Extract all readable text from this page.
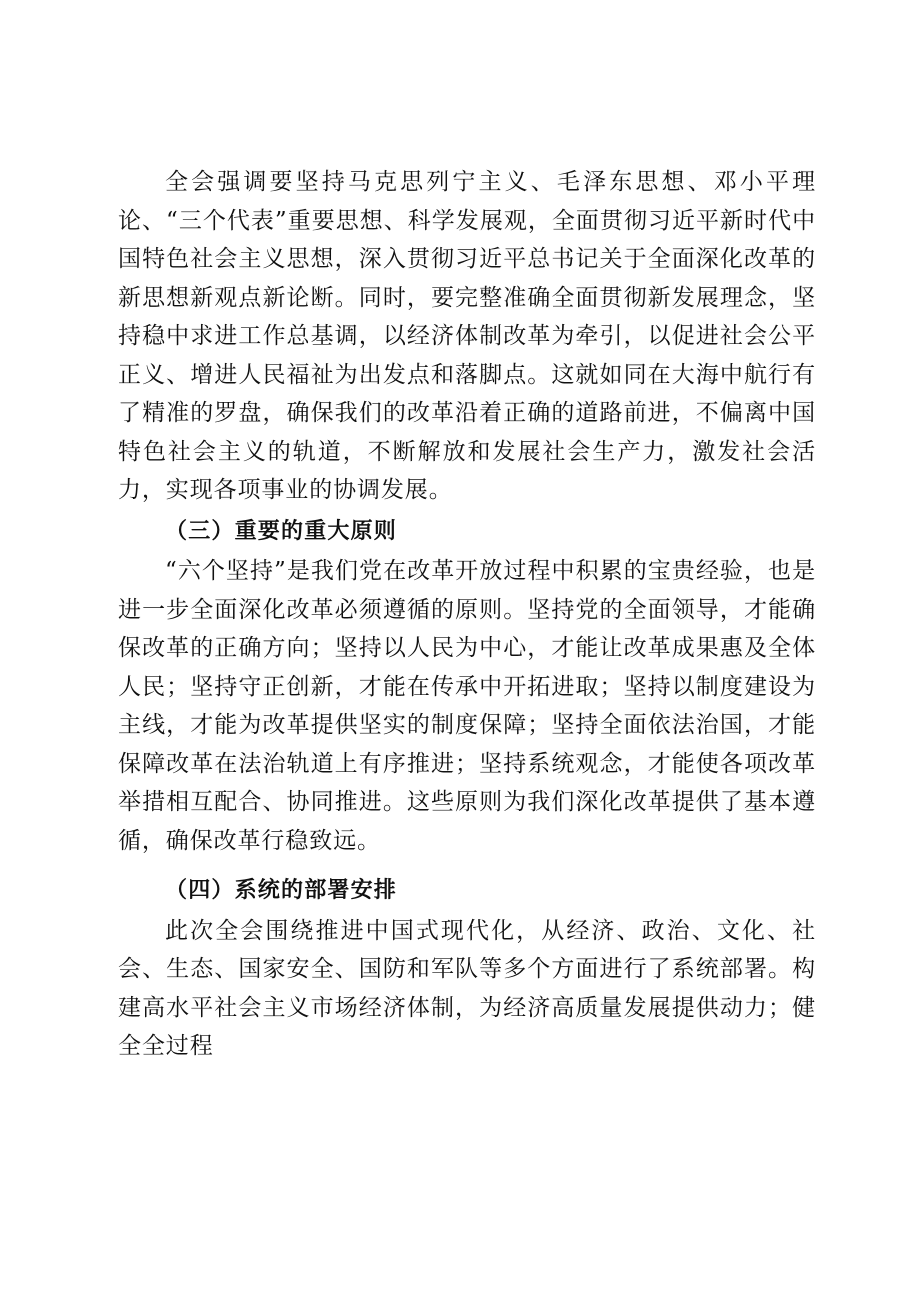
全会强调要坚持马克思列宁主义、毛泽东思想、邓小平理论、“三个代表”重要思想、科学发展观，全面贯彻习近平新时代中国特色社会主义思想，深入贯彻习近平总书记关于全面深化改革的新思想新观点新论断。同时，要完整准确全面贯彻新发展理念，坚持稳中求进工作总基调，以经济体制改革为牵引，以促进社会公平正义、增进人民福祉为出发点和落脚点。这就如同在大海中航行有了精准的罗盘，确保我们的改革沿着正确的道路前进，不偏离中国特色社会主义的轨道，不断解放和发展社会生产力，激发社会活力，实现各项事业的协调发展。

（三）重要的重大原则

“六个坚持”是我们党在改革开放过程中积累的宝贵经验，也是进一步全面深化改革必须遵循的原则。坚持党的全面领导，才能确保改革的正确方向；坚持以人民为中心，才能让改革成果惠及全体人民；坚持守正创新，才能在传承中开拓进取；坚持以制度建设为主线，才能为改革提供坚实的制度保障；坚持全面依法治国，才能保障改革在法治轨道上有序推进；坚持系统观念，才能使各项改革举措相互配合、协同推进。这些原则为我们深化改革提供了基本遵循，确保改革行稳致远。

（四）系统的部署安排

此次全会围绕推进中国式现代化，从经济、政治、文化、社会、生态、国家安全、国防和军队等多个方面进行了系统部署。构建高水平社会主义市场经济体制，为经济高质量发展提供动力；健全全过程
